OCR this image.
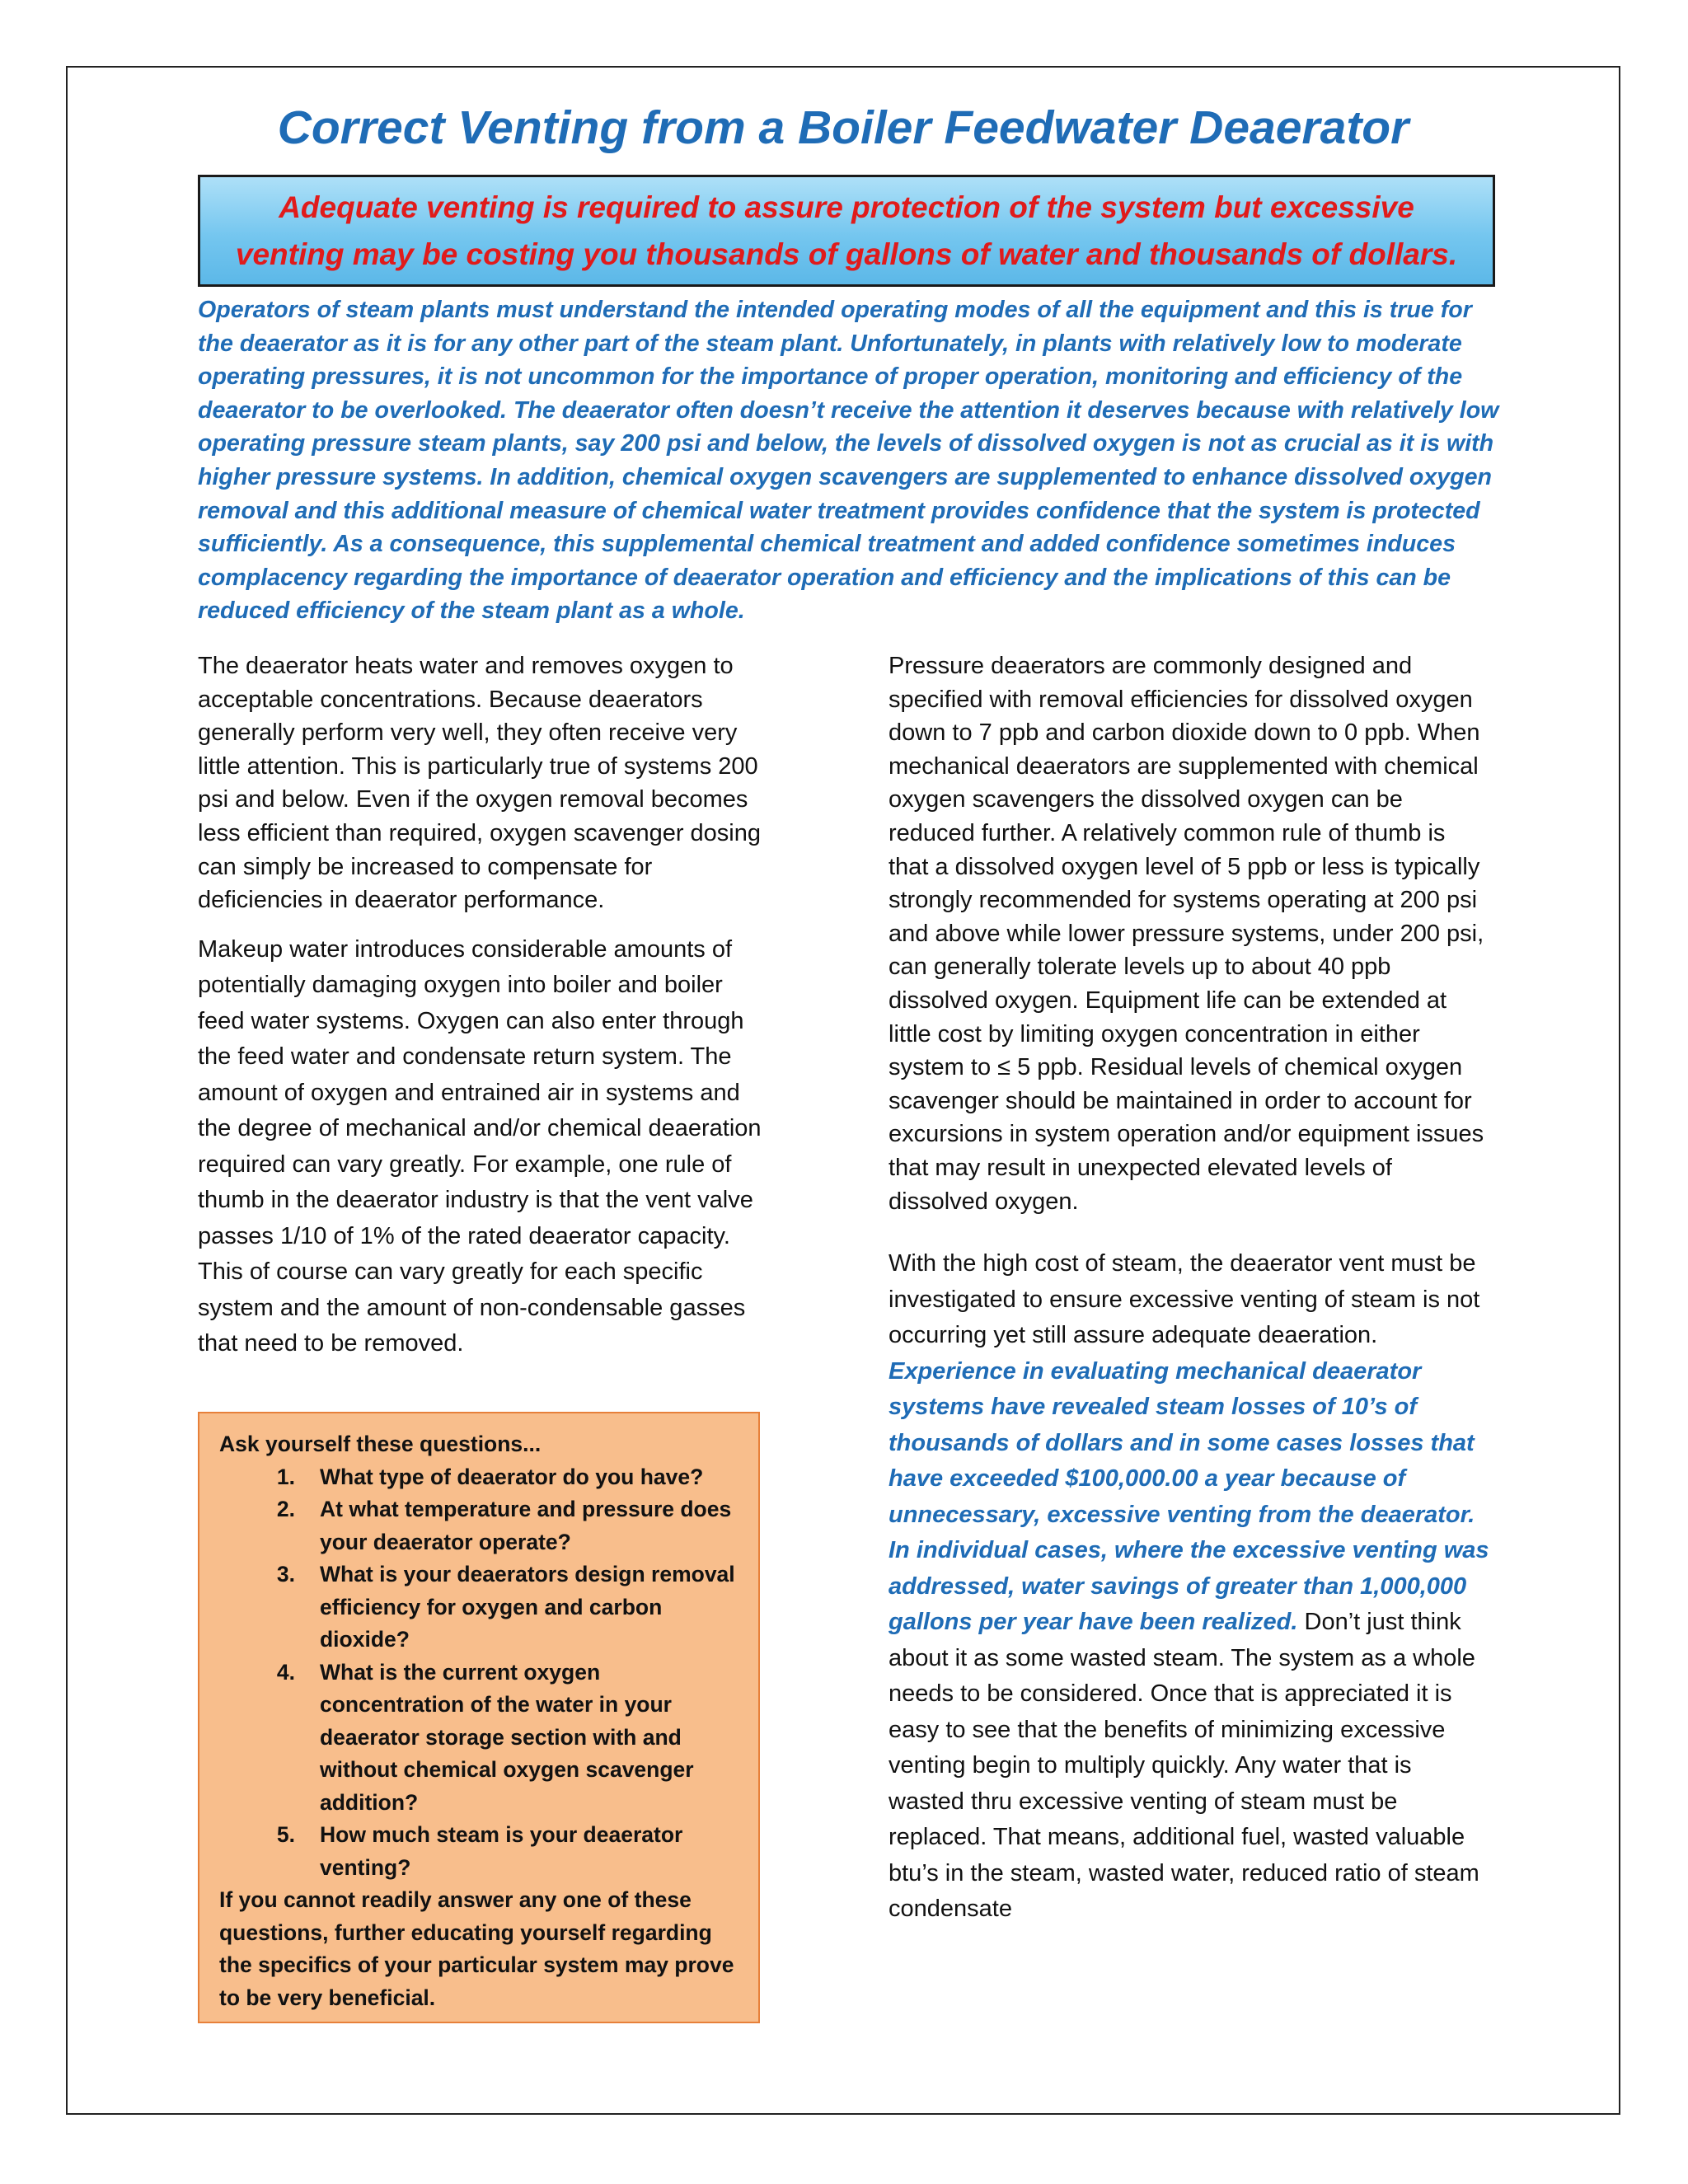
Correct Venting from a Boiler Feedwater Deaerator
Adequate venting is required to assure protection of the system but excessive
venting may be costing you thousands of gallons of water and thousands of dollars.

Operators of steam plants must understand the intended operating modes of all the equipment and this is true for the deaerator as it is for any other part of the steam plant. Unfortunately, in plants with relatively low to moderate operating pressures, it is not uncommon for the importance of proper operation, monitoring and efficiency of the deaerator to be overlooked. The deaerator often doesn’t receive the attention it deserves because with relatively low operating pressure steam plants, say 200 psi and below, the levels of dissolved oxygen is not as crucial as it is with higher pressure systems. In addition, chemical oxygen scavengers are supplemented to enhance dissolved oxygen removal and this additional measure of chemical water treatment provides confidence that the system is protected sufficiently. As a consequence, this supplemental chemical treatment and added confidence sometimes induces complacency regarding the importance of deaerator operation and efficiency and the implications of this can be reduced efficiency of the steam plant as a whole.

The deaerator heats water and removes oxygen to acceptable concentrations. Because deaerators generally perform very well, they often receive very little attention. This is particularly true of systems 200 psi and below. Even if the oxygen removal becomes less efficient than required, oxygen scavenger dosing can simply be increased to compensate for deficiencies in deaerator performance.

Makeup water introduces considerable amounts of potentially damaging oxygen into boiler and boiler feed water systems. Oxygen can also enter through the feed water and condensate return system. The amount of oxygen and entrained air in systems and the degree of mechanical and/or chemical deaeration required can vary greatly. For example, one rule of thumb in the deaerator industry is that the vent valve passes 1/10 of 1% of the rated deaerator capacity. This of course can vary greatly for each specific system and the amount of non-condensable gasses that need to be removed.

Ask yourself these questions...

1.	What type of deaerator do you have?
2.	At what temperature and pressure does your deaerator operate?
3.	What is your deaerators design removal efficiency for oxygen and carbon dioxide?
4.	What is the current oxygen concentration of the water in your deaerator storage section with and without chemical oxygen scavenger addition?
5.	How much steam is your deaerator venting?

If you cannot readily answer any one of these questions, further educating yourself regarding the specifics of your particular system may prove to be very beneficial.

Pressure deaerators are commonly designed and specified with removal efficiencies for dissolved oxygen down to 7 ppb and carbon dioxide down to 0 ppb. When mechanical deaerators are supplemented with chemical oxygen scavengers the dissolved oxygen can be reduced further. A relatively common rule of thumb is that a dissolved oxygen level of 5 ppb or less is typically strongly recommended for systems operating at 200 psi and above while lower pressure systems, under 200 psi, can generally tolerate levels up to about 40 ppb dissolved oxygen. Equipment life can be extended at little cost by limiting oxygen concentration in either system to ≤ 5 ppb. Residual levels of chemical oxygen scavenger should be maintained in order to account for excursions in system operation and/or equipment issues that may result in unexpected elevated levels of dissolved oxygen.

With the high cost of steam, the deaerator vent must be investigated to ensure excessive venting of steam is not occurring yet still assure adequate deaeration. Experience in evaluating mechanical deaerator systems have revealed steam losses of 10’s of thousands of dollars and in some cases losses that have exceeded $100,000.00 a year because of unnecessary, excessive venting from the deaerator. In individual cases, where the excessive venting was addressed, water savings of greater than 1,000,000 gallons per year have been realized. Don’t just think about it as some wasted steam. The system as a whole needs to be considered. Once that is appreciated it is easy to see that the benefits of minimizing excessive venting begin to multiply quickly. Any water that is wasted thru excessive venting of steam must be replaced. That means, additional fuel, wasted valuable btu’s in the steam, wasted water, reduced ratio of steam condensate
